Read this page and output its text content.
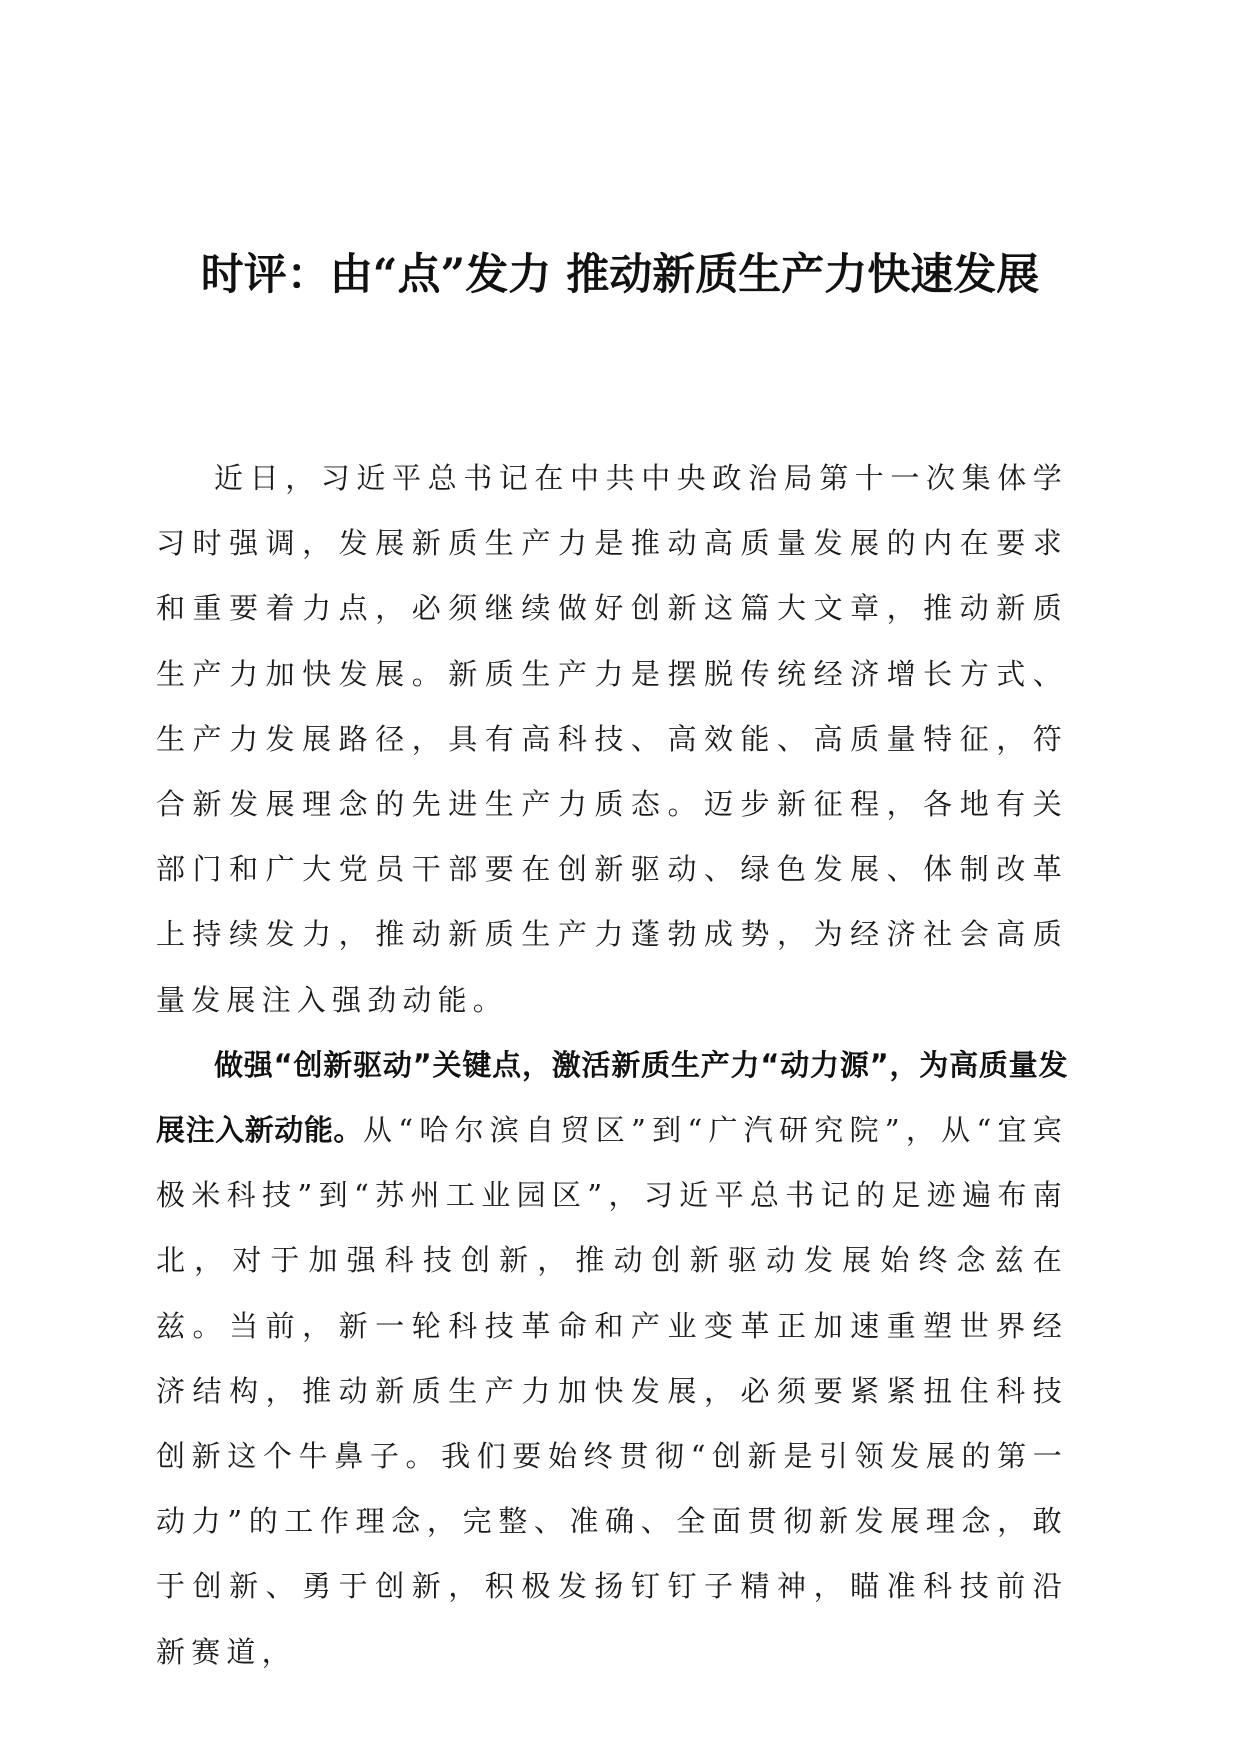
时评：由“点”发力 推动新质生产力快速发展

近日，习近平总书记在中共中央政治局第十一次集体学习时强调，发展新质生产力是推动高质量发展的内在要求和重要着力点，必须继续做好创新这篇大文章，推动新质生产力加快发展。新质生产力是摆脱传统经济增长方式、生产力发展路径，具有高科技、高效能、高质量特征，符合新发展理念的先进生产力质态。迈步新征程，各地有关部门和广大党员干部要在创新驱动、绿色发展、体制改革上持续发力，推动新质生产力蓬勃成势，为经济社会高质量发展注入强劲动能。

做强“创新驱动”关键点，激活新质生产力“动力源”，为高质量发展注入新动能。从“哈尔滨自贸区”到“广汽研究院”，从“宜宾极米科技”到“苏州工业园区”，习近平总书记的足迹遍布南北，对于加强科技创新，推动创新驱动发展始终念兹在兹。当前，新一轮科技革命和产业变革正加速重塑世界经济结构，推动新质生产力加快发展，必须要紧紧扭住科技创新这个牛鼻子。我们要始终贯彻“创新是引领发展的第一动力”的工作理念，完整、准确、全面贯彻新发展理念，敢于创新、勇于创新，积极发扬钉钉子精神，瞄准科技前沿新赛道，
